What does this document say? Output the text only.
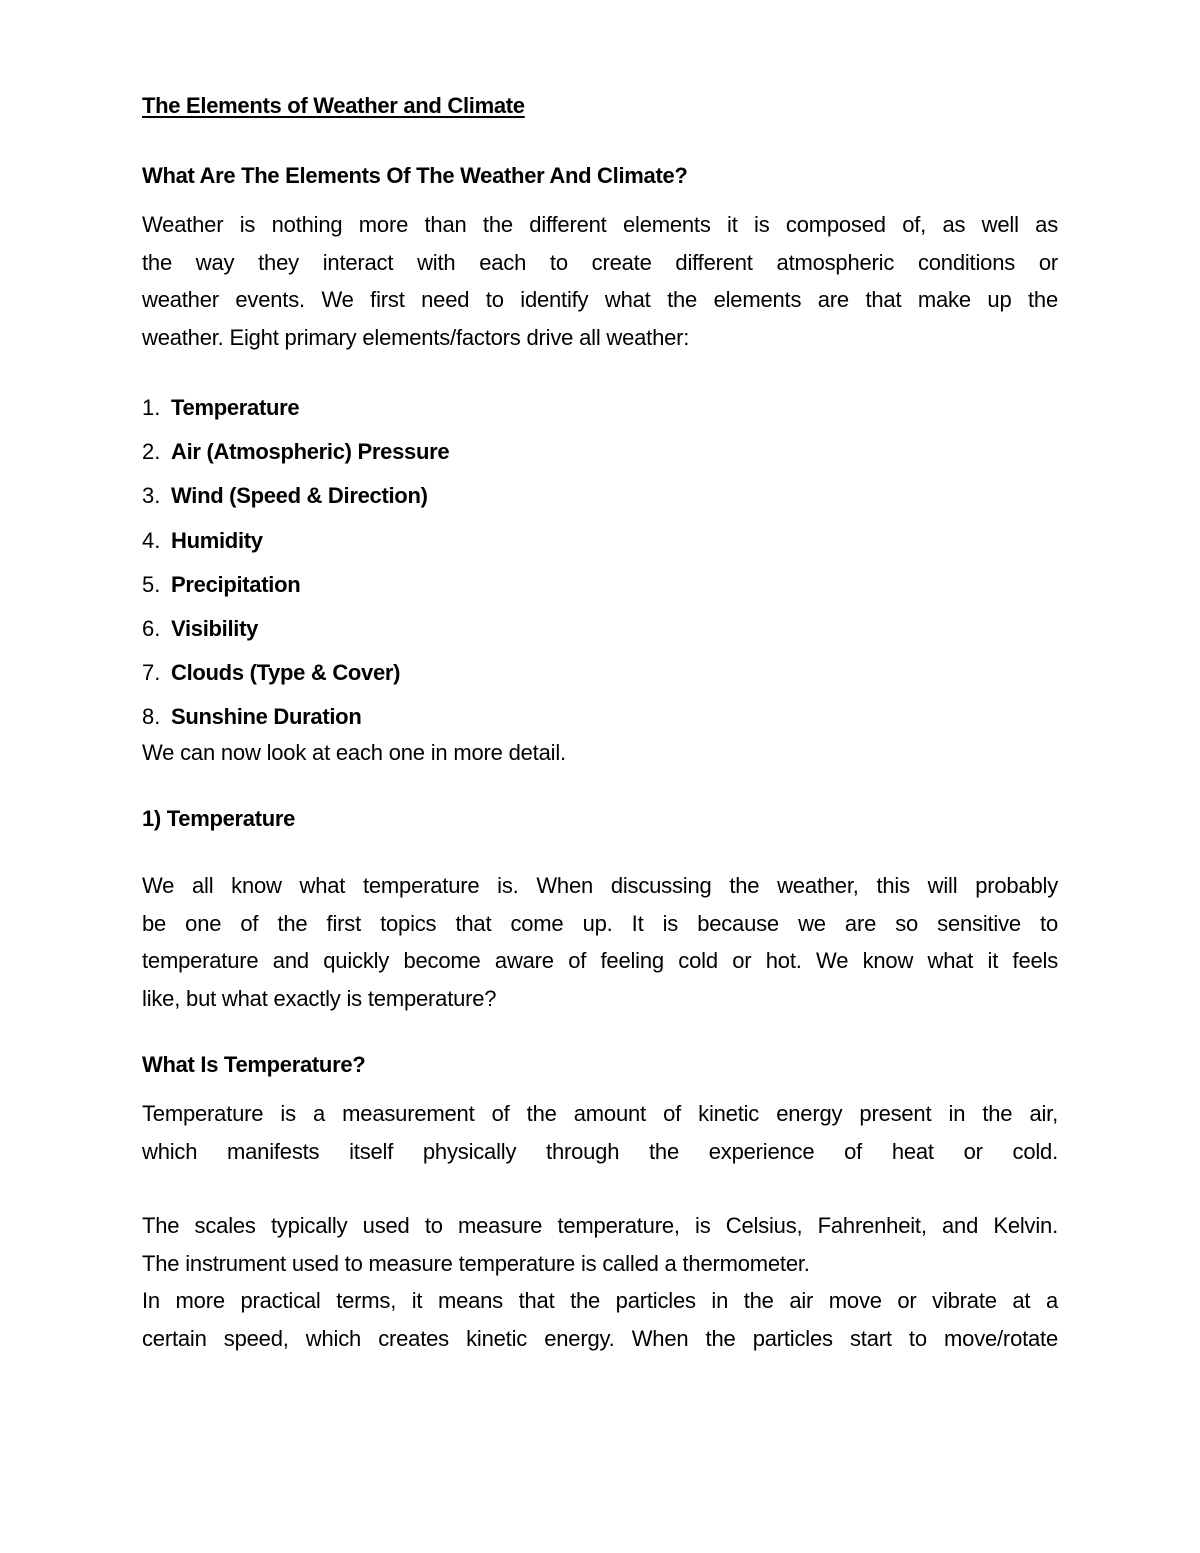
The Elements of Weather and Climate
What Are The Elements Of The Weather And Climate?

Weather is nothing more than the different elements it is composed of, as well as

the way they interact with each to create different atmospheric conditions or

weather events. We first need to identify what the elements are that make up the

weather. Eight primary elements/factors drive all weather:

1. Temperature
2. Air (Atmospheric) Pressure
3. Wind (Speed & Direction)
4. Humidity
5. Precipitation
6. Visibility
7. Clouds (Type & Cover)
8. Sunshine Duration

We can now look at each one in more detail.

1) Temperature

We all know what temperature is. When discussing the weather, this will probably

be one of the first topics that come up. It is because we are so sensitive to

temperature and quickly become aware of feeling cold or hot. We know what it feels

like, but what exactly is temperature?

What Is Temperature?

Temperature is a measurement of the amount of kinetic energy present in the air,

which manifests itself physically through the experience of heat or cold.

The scales typically used to measure temperature, is Celsius, Fahrenheit, and Kelvin.

The instrument used to measure temperature is called a thermometer.

In more practical terms, it means that the particles in the air move or vibrate at a

certain speed, which creates kinetic energy. When the particles start to move/rotate
